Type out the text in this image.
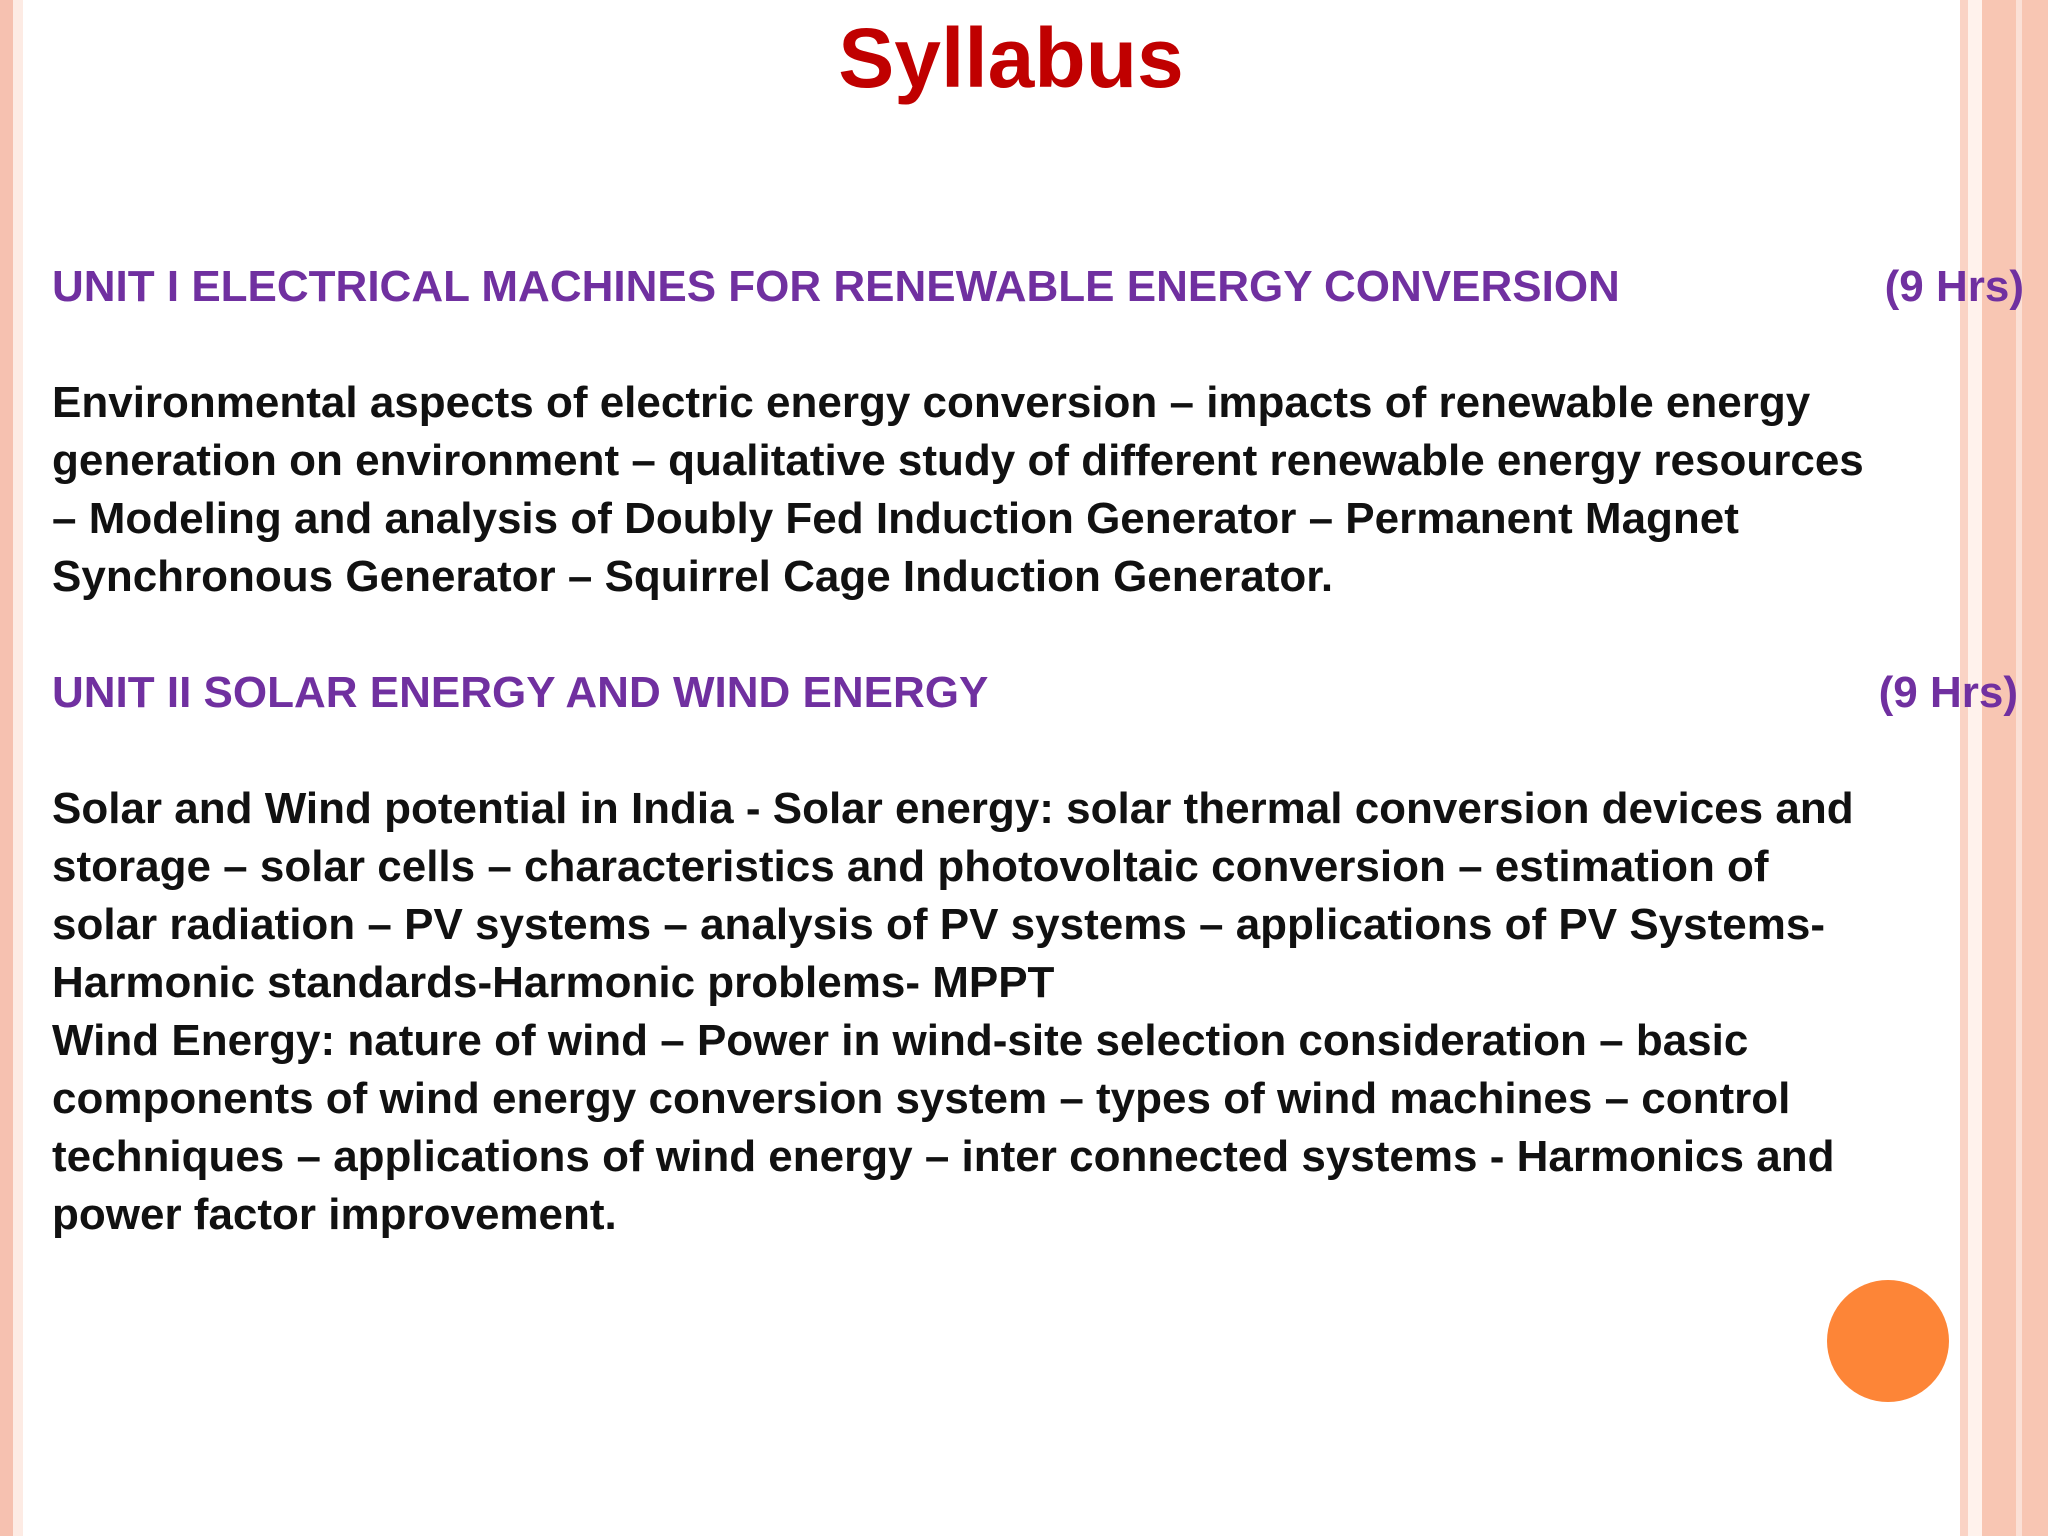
Syllabus
UNIT I ELECTRICAL MACHINES FOR RENEWABLE ENERGY CONVERSION	(9 Hrs)
Environmental aspects of electric energy conversion – impacts of renewable energy
generation on environment – qualitative study of different renewable energy resources
– Modeling and analysis of Doubly Fed Induction Generator – Permanent Magnet
Synchronous Generator – Squirrel Cage Induction Generator.
UNIT II SOLAR ENERGY AND WIND ENERGY	(9 Hrs)
Solar and Wind potential in India - Solar energy: solar thermal conversion devices and
storage – solar cells – characteristics and photovoltaic conversion – estimation of
solar radiation – PV systems – analysis of PV systems – applications of PV Systems-
Harmonic standards-Harmonic problems- MPPT
Wind Energy: nature of wind – Power in wind-site selection consideration – basic
components of wind energy conversion system – types of wind machines – control
techniques – applications of wind energy – inter connected systems - Harmonics and
power factor improvement.
